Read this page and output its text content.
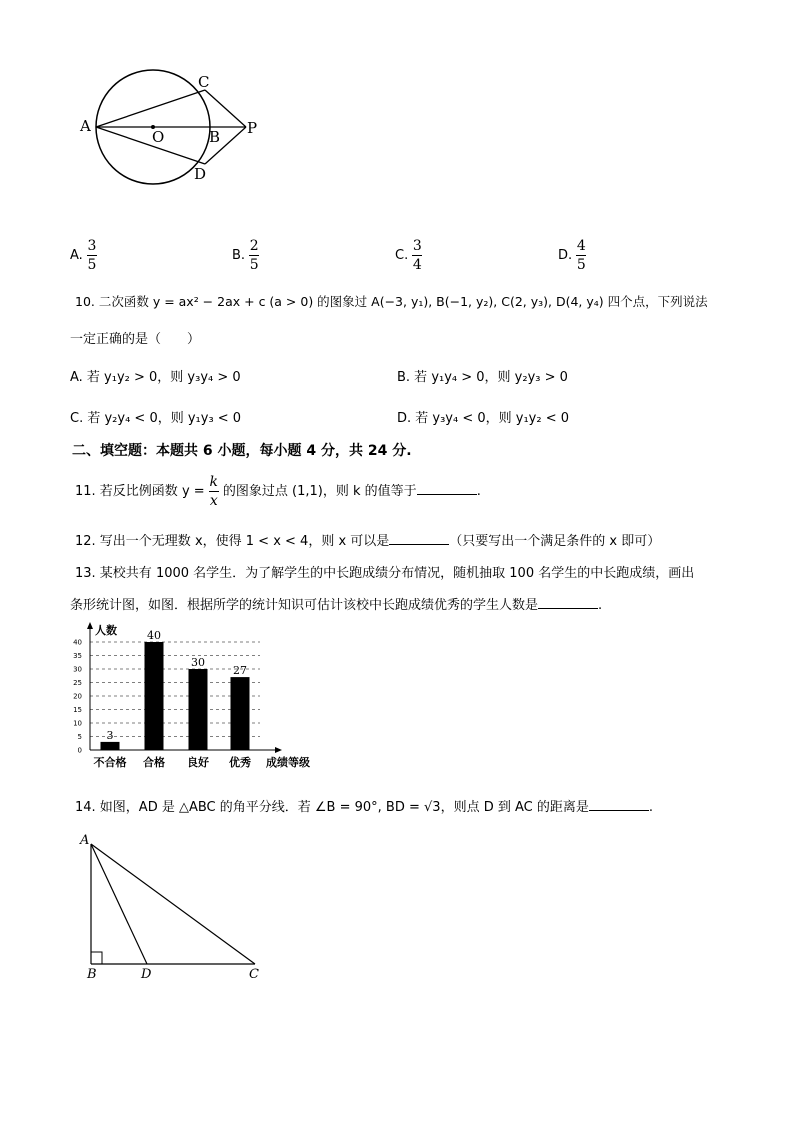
A
C
O	B P
D
A. $\frac{3}{5}$	B. $\frac{2}{5}$	C. $\frac{3}{4}$	D. $\frac{4}{5}$
10. 二次函数 y = ax² − 2ax + c (a > 0) 的图象过 A(−3, y₁), B(−1, y₂), C(2, y₃), D(4, y₄) 四个点，下列说法
一定正确的是（　　）
A. 若 y₁y₂ > 0，则 y₃y₄ > 0	B. 若 y₁y₄ > 0，则 y₂y₃ > 0
C. 若 y₂y₄ < 0，则 y₁y₃ < 0	D. 若 y₃y₄ < 0，则 y₁y₂ < 0
二、填空题：本题共 6 小题，每小题 4 分，共 24 分.
11. 若反比例函数 $y = \frac{k}{x}$ 的图象过点 (1,1)，则 k 的值等于	.
12. 写出一个无理数 x，使得 1 < x < 4，则 x 可以是	（只要写出一个满足条件的 x 即可）
13. 某校共有 1000 名学生．为了解学生的中长跑成绩分布情况，随机抽取 100 名学生的中长跑成绩，画出
条形统计图，如图．根据所学的统计知识可估计该校中长跑成绩优秀的学生人数是	.
0
5
10
15
20
25
30
35
40
人数
3
不合格
40
合格
30
良好
27
优秀 成绩等级
14. 如图，AD 是 △ABC 的角平分线．若 ∠B = 90°, BD = √3，则点 D 到 AC 的距离是	.
A
B	D	C
